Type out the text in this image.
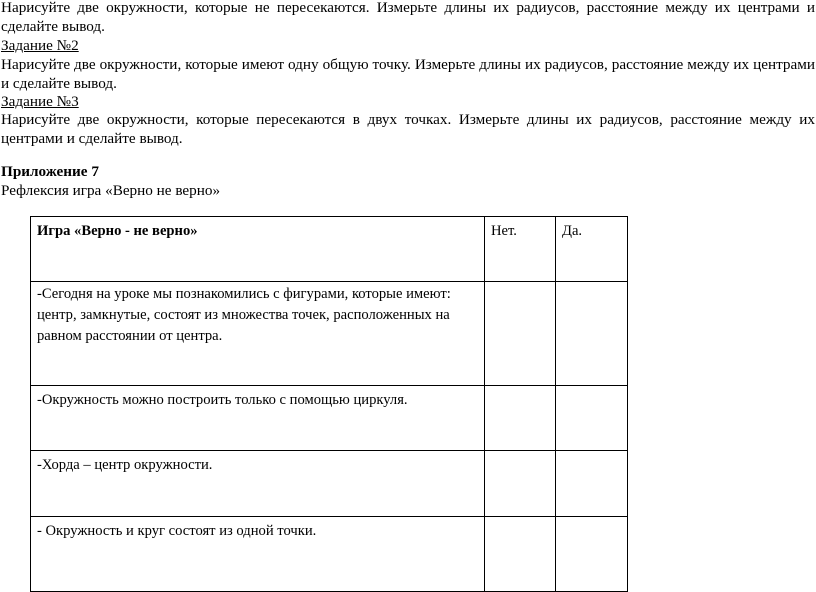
Нарисуйте две окружности, которые не пересекаются. Измерьте длины их радиусов, расстояние между их центрами и сделайте вывод.

Задание №2

Нарисуйте две окружности, которые имеют одну общую точку. Измерьте длины их радиусов, расстояние между их центрами и сделайте вывод.

Задание №3

Нарисуйте две окружности, которые пересекаются в двух точках. Измерьте длины их радиусов, расстояние между их центрами и сделайте вывод.

Приложение 7

Рефлексия игра «Верно не верно»

Игра «Верно - не верно»	Нет.	Да.
-Сегодня на уроке мы познакомились с фигурами, которые имеют: центр, замкнутые, состоят из множества точек, расположенных на равном расстоянии от центра.		
-Окружность можно построить только с помощью циркуля.		
-Хорда – центр окружности.		
- Окружность и круг состоят из одной точки.		
